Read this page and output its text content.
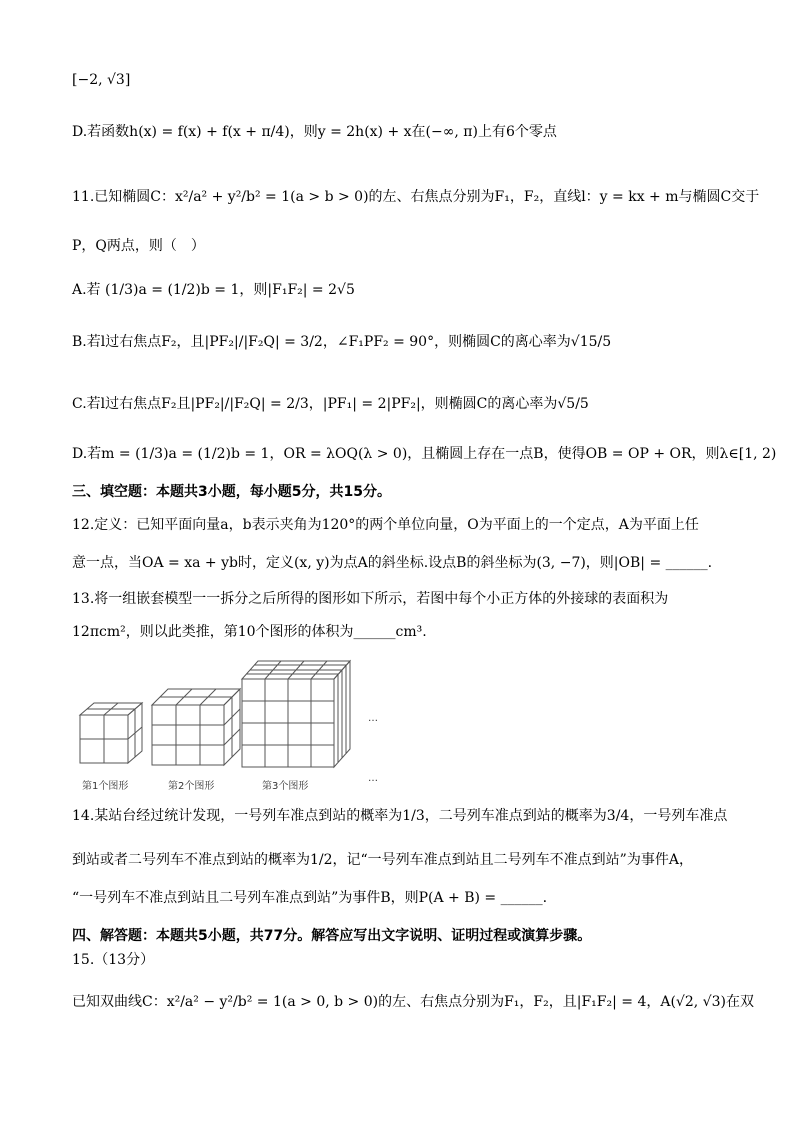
[−2, √3]
D.若函数h(x) = f(x) + f(x + π/4)，则y = 2h(x) + x在(−∞, π)上有6个零点
11.已知椭圆C：x²/a² + y²/b² = 1(a > b > 0)的左、右焦点分别为F₁，F₂，直线l：y = kx + m与椭圆C交于
P，Q两点，则（　）
A.若 (1/3)a = (1/2)b = 1，则|F₁F₂| = 2√5
B.若l过右焦点F₂，且|PF₂|/|F₂Q| = 3/2，∠F₁PF₂ = 90°，则椭圆C的离心率为√15/5
C.若l过右焦点F₂且|PF₂|/|F₂Q| = 2/3，|PF₁| = 2|PF₂|，则椭圆C的离心率为√5/5
D.若m = (1/3)a = (1/2)b = 1，OR = λOQ(λ > 0)，且椭圆上存在一点B，使得OB = OP + OR，则λ∈[1, 2)
三、填空题：本题共3小题，每小题5分，共15分。
12.定义：已知平面向量a，b表示夹角为120°的两个单位向量，O为平面上的一个定点，A为平面上任
意一点，当OA = xa + yb时，定义(x, y)为点A的斜坐标.设点B的斜坐标为(3, −7)，则|OB| = ______.
13.将一组嵌套模型一一拆分之后所得的图形如下所示，若图中每个小正方体的外接球的表面积为
12πcm²，则以此类推，第10个图形的体积为______cm³.
第1个图形	第2个图形	第3个图形
…
…
14.某站台经过统计发现，一号列车准点到站的概率为1/3，二号列车准点到站的概率为3/4，一号列车准点
到站或者二号列车不准点到站的概率为1/2，记“一号列车准点到站且二号列车不准点到站”为事件A，
“一号列车不准点到站且二号列车准点到站”为事件B，则P(A + B) = ______.
四、解答题：本题共5小题，共77分。解答应写出文字说明、证明过程或演算步骤。
15.（13分）
已知双曲线C：x²/a² − y²/b² = 1(a > 0, b > 0)的左、右焦点分别为F₁，F₂，且|F₁F₂| = 4，A(√2, √3)在双
